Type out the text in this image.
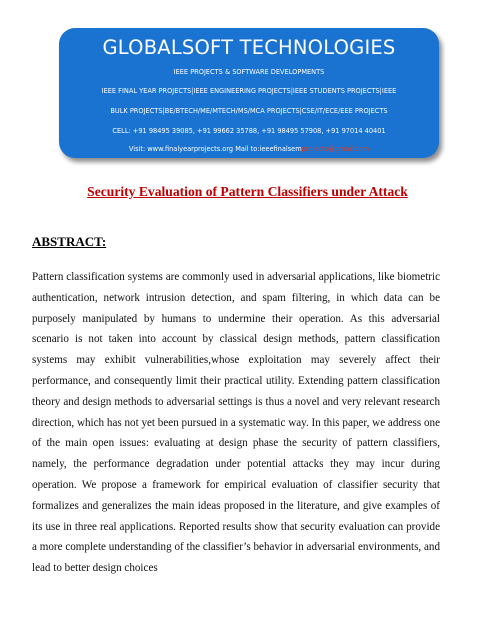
GLOBALSOFT TECHNOLOGIES
IEEE PROJECTS & SOFTWARE DEVELOPMENTS
IEEE FINAL YEAR PROJECTS|IEEE ENGINEERING PROJECTS|IEEE STUDENTS PROJECTS|IEEE
BULK PROJECTS|BE/BTECH/ME/MTECH/MS/MCA PROJECTS|CSE/IT/ECE/EEE PROJECTS
CELL: +91 98495 39085, +91 99662 35788, +91 98495 57908, +91 97014 40401
Visit: www.finalyearprojects.org Mail to:ieeefinalsemprojects@gmail.com
Security Evaluation of Pattern Classifiers under Attack
ABSTRACT:
Pattern classification systems are commonly used in adversarial applications, like biometric authentication, network intrusion detection, and spam filtering, in which data can be purposely manipulated by humans to undermine their operation. As this adversarial scenario is not taken into account by classical design methods, pattern classification systems may exhibit vulnerabilities,whose exploitation may severely affect their performance, and consequently limit their practical utility. Extending pattern classification theory and design methods to adversarial settings is thus a novel and very relevant research direction, which has not yet been pursued in a systematic way. In this paper, we address one of the main open issues: evaluating at design phase the security of pattern classifiers, namely, the performance degradation under potential attacks they may incur during operation. We propose a framework for empirical evaluation of classifier security that formalizes and generalizes the main ideas proposed in the literature, and give examples of its use in three real applications. Reported results show that security evaluation can provide a more complete understanding of the classifier’s behavior in adversarial environments, and lead to better design choices
